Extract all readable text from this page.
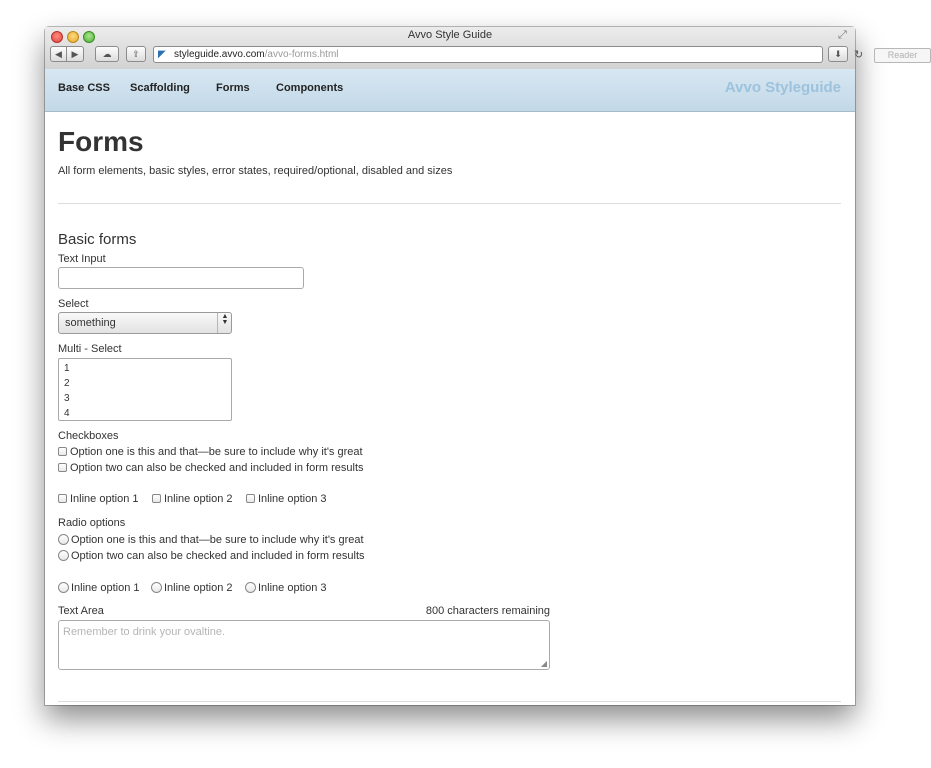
Avvo Style Guide	⤢
◀	▶	☁	⇪	◤ styleguide.avvo.com/avvo-forms.html	↻	Reader
⬇
Base CSS Scaffolding Forms Components	Avvo Styleguide
Forms
All form elements, basic styles, error states, required/optional, disabled and sizes
Basic forms
Text Input
Select
something	▲▼
Multi - Select
1
2
3
4
Checkboxes
Option one is this and that—be sure to include why it's great
Option two can also be checked and included in form results
Inline option 1	Inline option 2	Inline option 3
Radio options
Option one is this and that—be sure to include why it's great
Option two can also be checked and included in form results
Inline option 1	Inline option 2	Inline option 3
Text Area	800 characters remaining
Remember to drink your ovaltine.
◢
